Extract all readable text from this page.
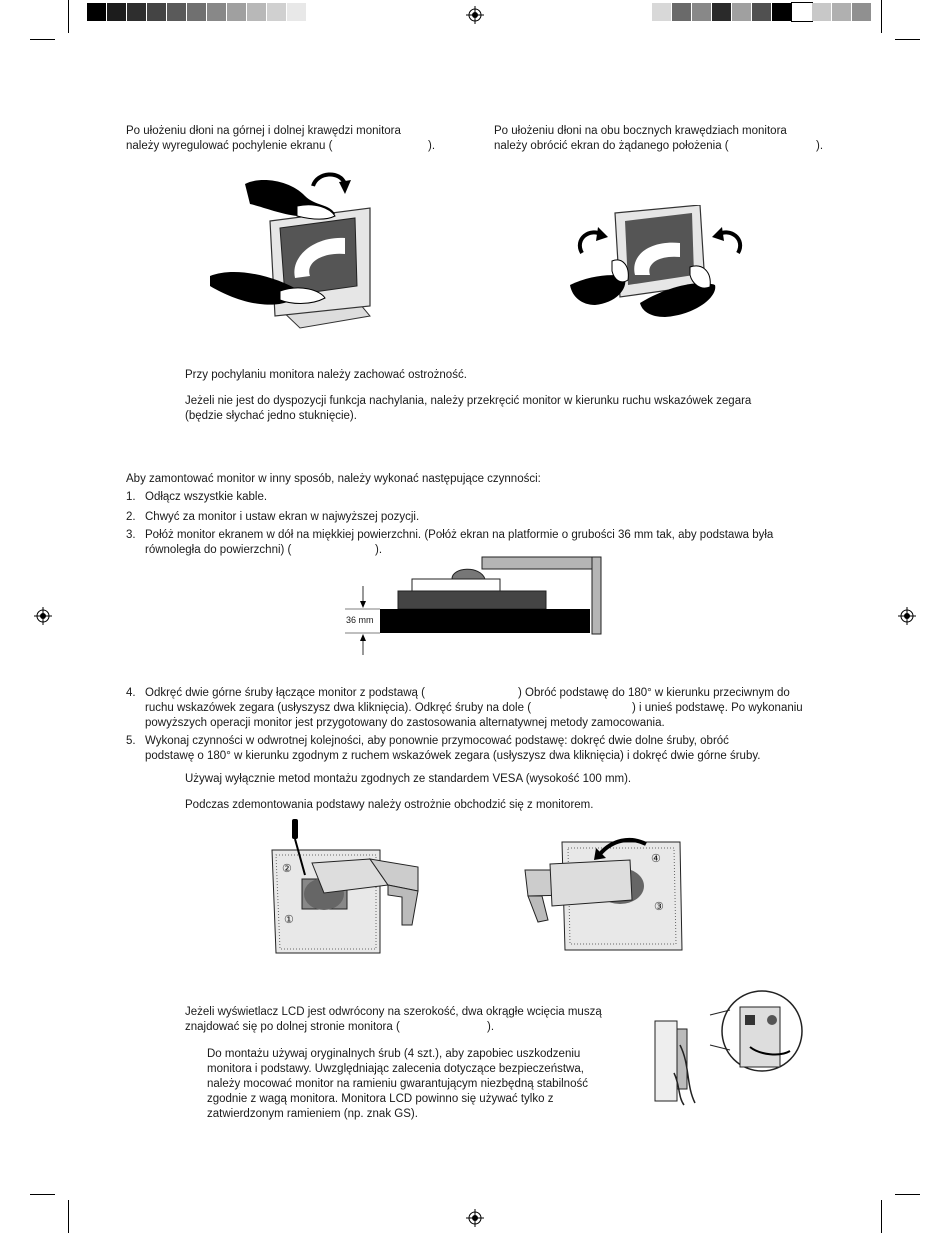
Po ułożeniu dłoni na górnej i dolnej krawędzi monitora
należy wyregulować pochylenie ekranu (	).
Po ułożeniu dłoni na obu bocznych krawędziach monitora
należy obrócić ekran do żądanego położenia (	).
Przy pochylaniu monitora należy zachować ostrożność.
Jeżeli nie jest do dyspozycji funkcja nachylania, należy przekręcić monitor w kierunku ruchu wskazówek zegara
(będzie słychać jedno stuknięcie).
Aby zamontować monitor w inny sposób, należy wykonać następujące czynności:
1. Odłącz wszystkie kable.
2. Chwyć za monitor i ustaw ekran w najwyższej pozycji.
3. Połóż monitor ekranem w dół na miękkiej powierzchni. (Połóż ekran na platformie o grubości 36 mm tak, aby podstawa była
równoległa do powierzchni) (	).
36 mm
4. Odkręć dwie górne śruby łączące monitor z podstawą (	) Obróć podstawę do 180° w kierunku przeciwnym do
ruchu wskazówek zegara (usłyszysz dwa kliknięcia). Odkręć śruby na dole (	) i unieś podstawę. Po wykonaniu
powyższych operacji monitor jest przygotowany do zastosowania alternatywnej metody zamocowania.
5. Wykonaj czynności w odwrotnej kolejności, aby ponownie przymocować podstawę: dokręć dwie dolne śruby, obróć
podstawę o 180° w kierunku zgodnym z ruchem wskazówek zegara (usłyszysz dwa kliknięcia) i dokręć dwie górne śruby.
Używaj wyłącznie metod montażu zgodnych ze standardem VESA (wysokość 100 mm).
Podczas zdemontowania podstawy należy ostrożnie obchodzić się z monitorem.
②
①
④
③
Jeżeli wyświetlacz LCD jest odwrócony na szerokość, dwa okrągłe wcięcia muszą
znajdować się po dolnej stronie monitora (	).
Do montażu używaj oryginalnych śrub (4 szt.), aby zapobiec uszkodzeniu
monitora i podstawy. Uwzględniając zalecenia dotyczące bezpieczeństwa,
należy mocować monitor na ramieniu gwarantującym niezbędną stabilność
zgodnie z wagą monitora. Monitora LCD powinno się używać tylko z
zatwierdzonym ramieniem (np. znak GS).
